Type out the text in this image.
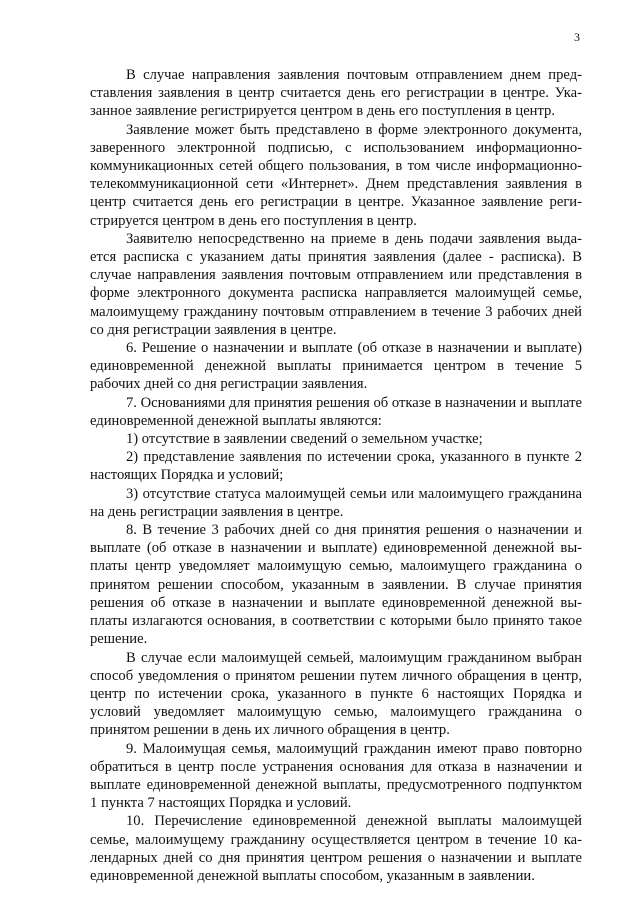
3

В случае направления заявления почтовым отправлением днем представления заявления в центр считается день его регистрации в центре. Указанное заявление регистрируется центром в день его поступления в центр.

Заявление может быть представлено в форме электронного документа, заверенного электронной подписью, с использованием информационно-коммуникационных сетей общего пользования, в том числе информационно-телекоммуникационной сети «Интернет». Днем представления заявления в центр считается день его регистрации в центре. Указанное заявление регистрируется центром в день его поступления в центр.

Заявителю непосредственно на приеме в день подачи заявления выдается расписка с указанием даты принятия заявления (далее - расписка). В случае направления заявления почтовым отправлением или представления в форме электронного документа расписка направляется малоимущей семье, малоимущему гражданину почтовым отправлением в течение 3 рабочих дней со дня регистрации заявления в центре.

6. Решение о назначении и выплате (об отказе в назначении и выплате) единовременной денежной выплаты принимается центром в течение 5 рабочих дней со дня регистрации заявления.

7. Основаниями для принятия решения об отказе в назначении и выплате единовременной денежной выплаты являются:

1) отсутствие в заявлении сведений о земельном участке;

2) представление заявления по истечении срока, указанного в пункте 2 настоящих Порядка и условий;

3) отсутствие статуса малоимущей семьи или малоимущего гражданина на день регистрации заявления в центре.

8. В течение 3 рабочих дней со дня принятия решения о назначении и выплате (об отказе в назначении и выплате) единовременной денежной выплаты центр уведомляет малоимущую семью, малоимущего гражданина о принятом решении способом, указанным в заявлении. В случае принятия решения об отказе в назначении и выплате единовременной денежной выплаты излагаются основания, в соответствии с которыми было принято такое решение.

В случае если малоимущей семьей, малоимущим гражданином выбран способ уведомления о принятом решении путем личного обращения в центр, центр по истечении срока, указанного в пункте 6 настоящих Порядка и условий уведомляет малоимущую семью, малоимущего гражданина о принятом решении в день их личного обращения в центр.

9. Малоимущая семья, малоимущий гражданин имеют право повторно обратиться в центр после устранения основания для отказа в назначении и выплате единовременной денежной выплаты, предусмотренного подпунктом 1 пункта 7 настоящих Порядка и условий.

10. Перечисление единовременной денежной выплаты малоимущей семье, малоимущему гражданину осуществляется центром в течение 10 календарных дней со дня принятия центром решения о назначении и выплате единовременной денежной выплаты способом, указанным в заявлении.
